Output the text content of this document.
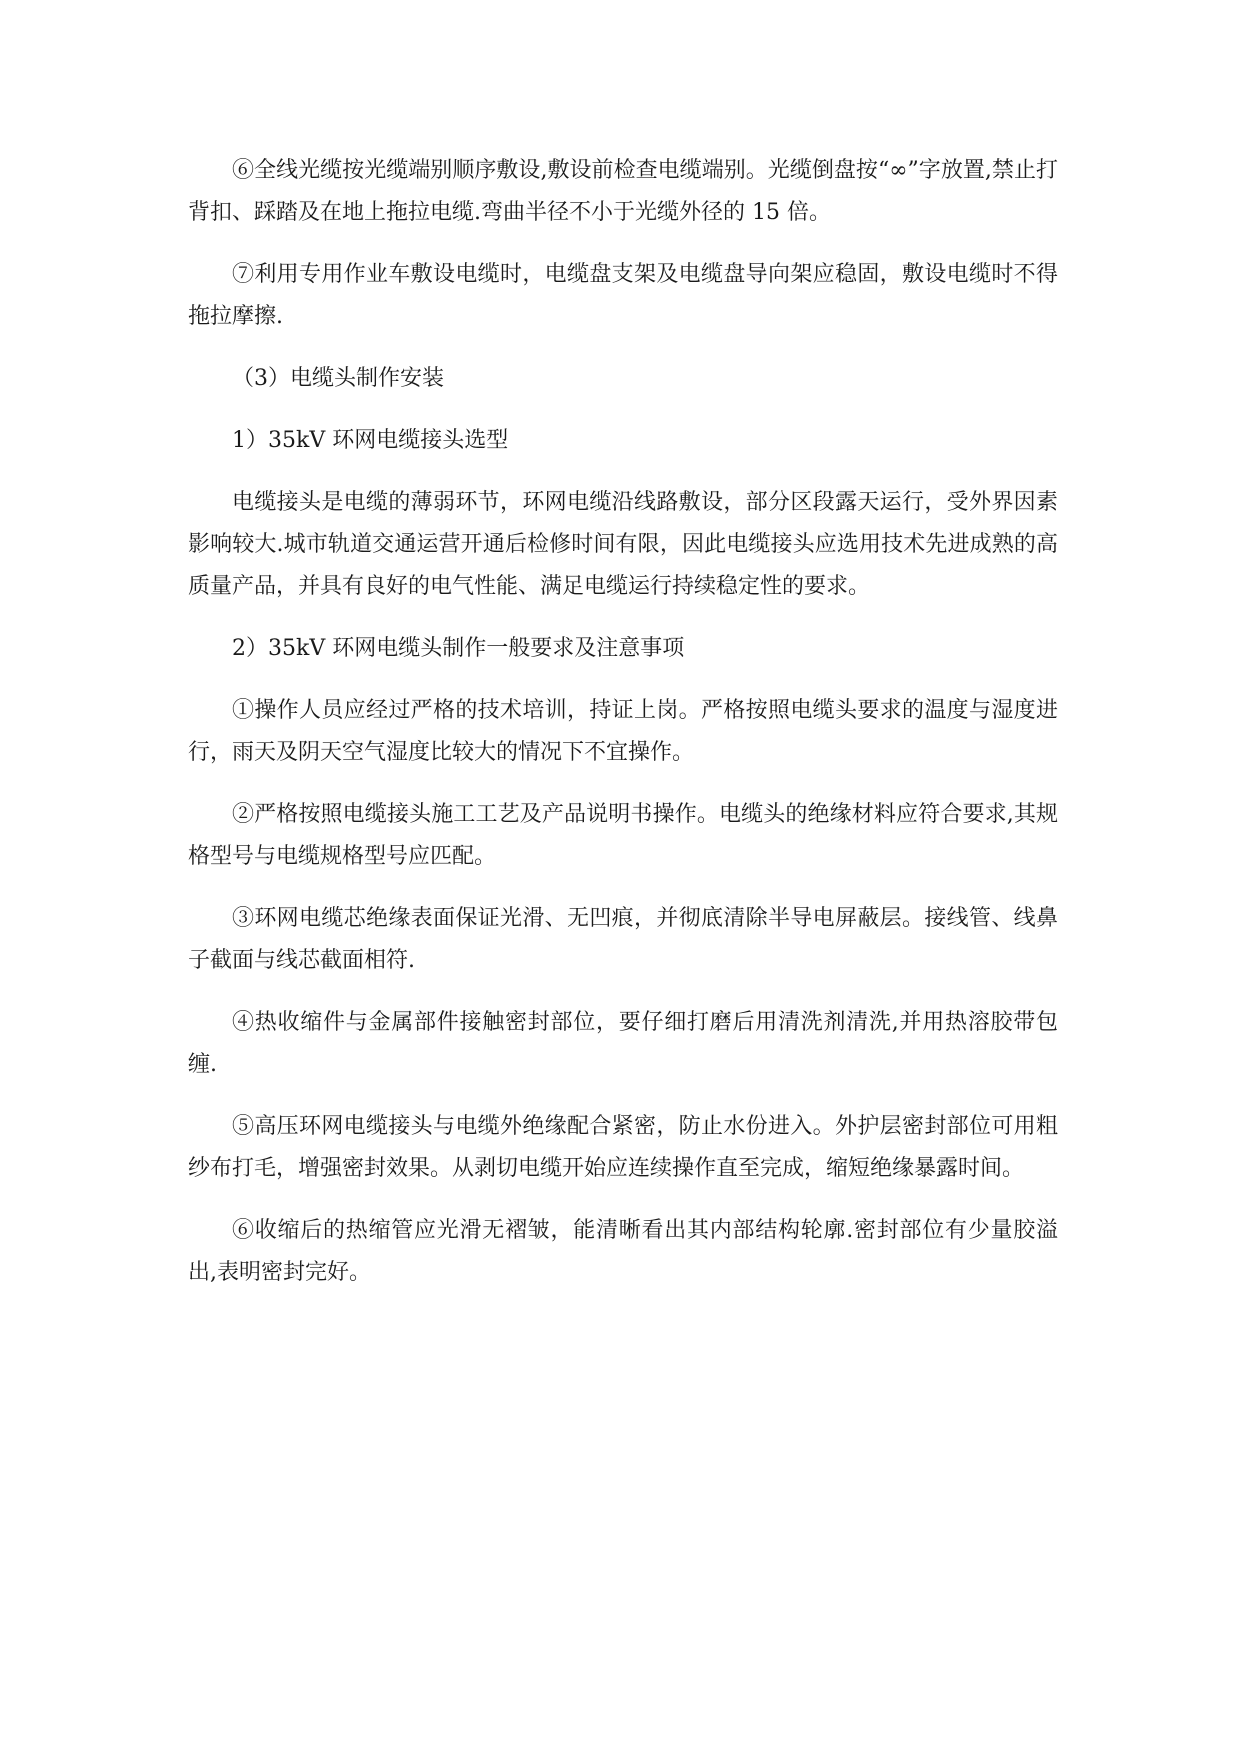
⑥全线光缆按光缆端别顺序敷设,敷设前检查电缆端别。光缆倒盘按“∞”字放置,禁止打背扣、踩踏及在地上拖拉电缆.弯曲半径不小于光缆外径的 15 倍。

⑦利用专用作业车敷设电缆时，电缆盘支架及电缆盘导向架应稳固，敷设电缆时不得拖拉摩擦.

（3）电缆头制作安装

1）35kV 环网电缆接头选型

电缆接头是电缆的薄弱环节，环网电缆沿线路敷设，部分区段露天运行，受外界因素影响较大.城市轨道交通运营开通后检修时间有限，因此电缆接头应选用技术先进成熟的高质量产品，并具有良好的电气性能、满足电缆运行持续稳定性的要求。

2）35kV 环网电缆头制作一般要求及注意事项

①操作人员应经过严格的技术培训，持证上岗。严格按照电缆头要求的温度与湿度进行，雨天及阴天空气湿度比较大的情况下不宜操作。

②严格按照电缆接头施工工艺及产品说明书操作。电缆头的绝缘材料应符合要求,其规格型号与电缆规格型号应匹配。

③环网电缆芯绝缘表面保证光滑、无凹痕，并彻底清除半导电屏蔽层。接线管、线鼻子截面与线芯截面相符.

④热收缩件与金属部件接触密封部位，要仔细打磨后用清洗剂清洗,并用热溶胶带包缠.

⑤高压环网电缆接头与电缆外绝缘配合紧密，防止水份进入。外护层密封部位可用粗纱布打毛，增强密封效果。从剥切电缆开始应连续操作直至完成，缩短绝缘暴露时间。

⑥收缩后的热缩管应光滑无褶皱，能清晰看出其内部结构轮廓.密封部位有少量胶溢出,表明密封完好。
